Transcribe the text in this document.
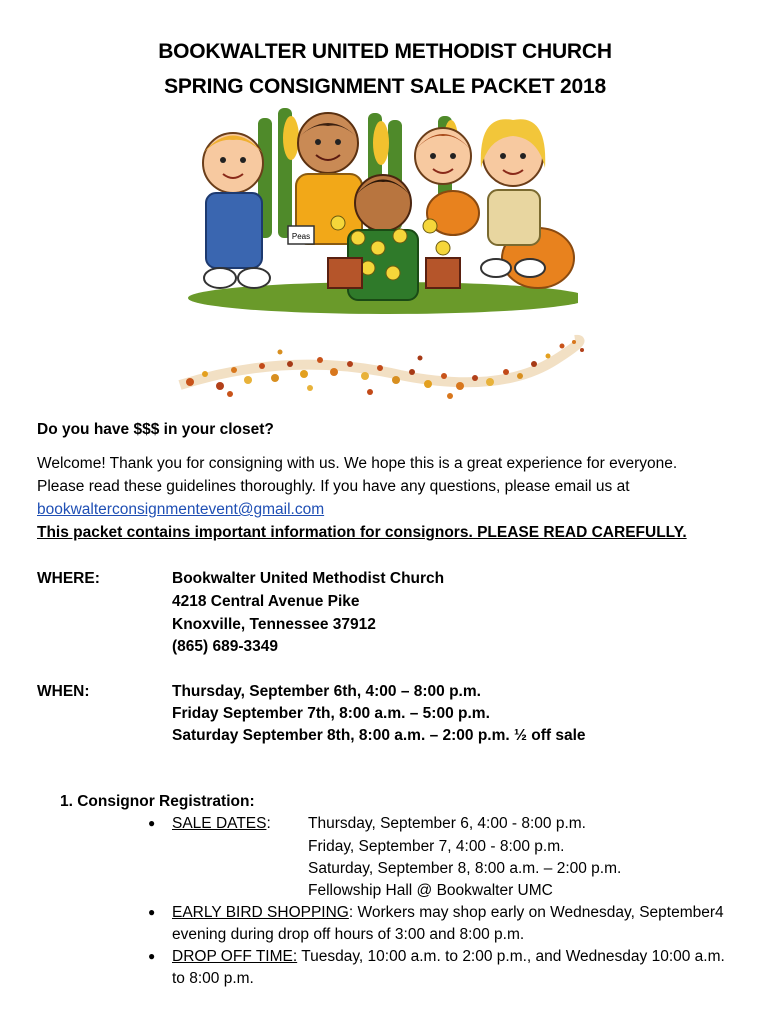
BOOKWALTER UNITED METHODIST CHURCH
SPRING CONSIGNMENT SALE PACKET 2018
Peas
Do you have $$$ in your closet?
Welcome! Thank you for consigning with us. We hope this is a great experience for everyone.
Please read these guidelines thoroughly. If you have any questions, please email us at
bookwalterconsignmentevent@gmail.com
This packet contains important information for consignors. PLEASE READ CAREFULLY.
WHERE:	Bookwalter United Methodist Church
4218 Central Avenue Pike
Knoxville, Tennessee 37912
(865) 689-3349
WHEN:	Thursday, September 6th, 4:00 – 8:00 p.m.
Friday September 7th, 8:00 a.m. – 5:00 p.m.
Saturday September 8th, 8:00 a.m. – 2:00 p.m. ½ off sale
1. Consignor Registration:
● SALE DATES: Thursday, September 6, 4:00 - 8:00 p.m.
Friday, September 7, 4:00 - 8:00 p.m.
Saturday, September 8, 8:00 a.m. – 2:00 p.m.
Fellowship Hall @ Bookwalter UMC
● EARLY BIRD SHOPPING: Workers may shop early on Wednesday, September4
evening during drop off hours of 3:00 and 8:00 p.m.
● DROP OFF TIME: Tuesday, 10:00 a.m. to 2:00 p.m., and Wednesday 10:00 a.m.
to 8:00 p.m.
